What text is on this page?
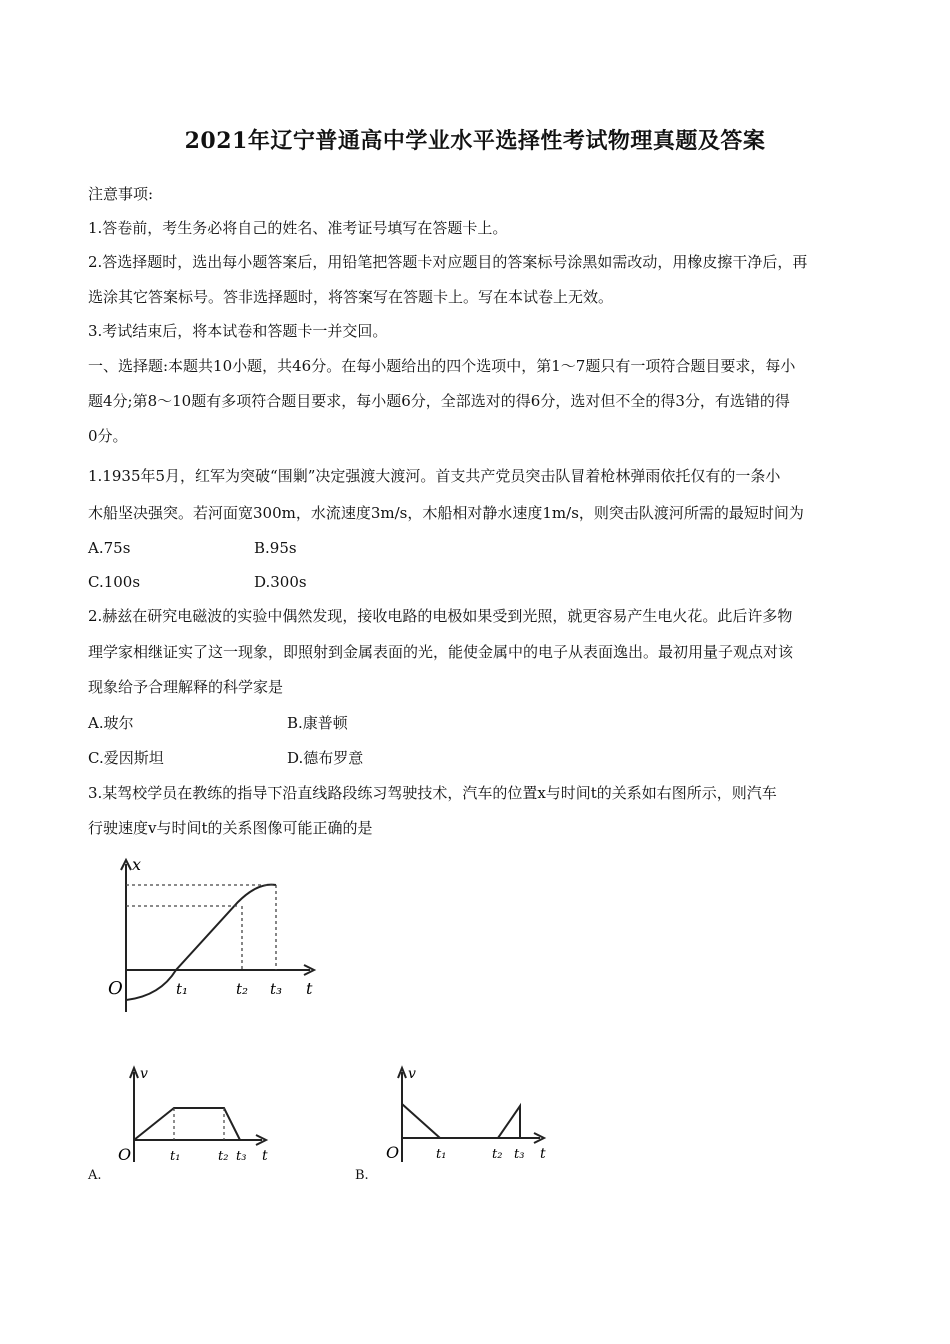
2021年辽宁普通高中学业水平选择性考试物理真题及答案
注意事项:
1.答卷前，考生务必将自己的姓名、准考证号填写在答题卡上。
2.答选择题时，选出每小题答案后，用铅笔把答题卡对应题目的答案标号涂黑如需改动，用橡皮擦干净后，再
选涂其它答案标号。答非选择题时，将答案写在答题卡上。写在本试卷上无效。
3.考试结束后，将本试卷和答题卡一并交回。
一、选择题:本题共10小题，共46分。在每小题给出的四个选项中，第1～7题只有一项符合题目要求，每小
题4分;第8～10题有多项符合题目要求，每小题6分，全部选对的得6分，选对但不全的得3分，有选错的得
0分。
1.1935年5月，红军为突破“围剿”决定强渡大渡河。首支共产党员突击队冒着枪林弹雨依托仅有的一条小
木船坚决强突。若河面宽300m，水流速度3m/s，木船相对静水速度1m/s，则突击队渡河所需的最短时间为
A.75s	B.95s
C.100s	D.300s
2.赫兹在研究电磁波的实验中偶然发现，接收电路的电极如果受到光照，就更容易产生电火花。此后许多物
理学家相继证实了这一现象，即照射到金属表面的光，能使金属中的电子从表面逸出。最初用量子观点对该
现象给予合理解释的科学家是
A.玻尔	B.康普顿
C.爱因斯坦	D.德布罗意
3.某驾校学员在教练的指导下沿直线路段练习驾驶技术，汽车的位置x与时间t的关系如右图所示，则汽车
行驶速度v与时间t的关系图像可能正确的是
x
O	t₁	t₂ t₃ t
v
O	t₁	t₂ t₃ t
A.
v
O	t₁	t₂ t₃ t
B.
